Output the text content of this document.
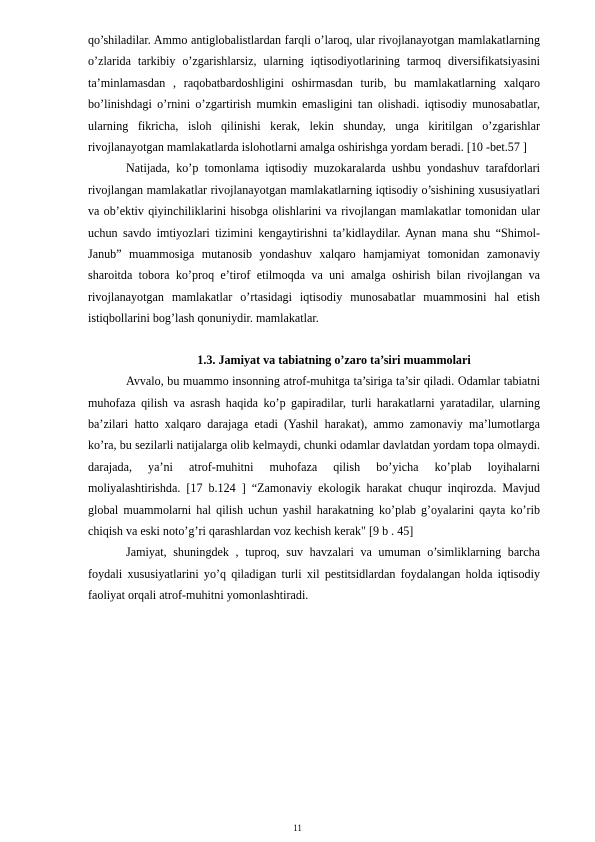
qo’shiladilar. Ammo antiglobalistlardan farqli o’laroq, ular rivojlanayotgan mamlakatlarning o’zlarida tarkibiy o’zgarishlarsiz, ularning iqtisodiyotlarining tarmoq diversifikatsiyasini ta’minlamasdan , raqobatbardoshligini oshirmasdan turib, bu mamlakatlarning xalqaro bo’linishdagi o’rnini o’zgartirish mumkin emasligini tan olishadi. iqtisodiy munosabatlar, ularning fikricha, isloh qilinishi kerak, lekin shunday, unga kiritilgan o’zgarishlar rivojlanayotgan mamlakatlarda islohotlarni amalga oshirishga yordam beradi. [10 -bet.57 ]

Natijada, ko’p tomonlama iqtisodiy muzokaralarda ushbu yondashuv tarafdorlari rivojlangan mamlakatlar rivojlanayotgan mamlakatlarning iqtisodiy o’sishining xususiyatlari va ob’ektiv qiyinchiliklarini hisobga olishlarini va rivojlangan mamlakatlar tomonidan ular uchun savdo imtiyozlari tizimini kengaytirishni ta’kidlaydilar. Aynan mana shu “Shimol-Janub” muammosiga mutanosib yondashuv xalqaro hamjamiyat tomonidan zamonaviy sharoitda tobora ko’proq e’tirof etilmoqda va uni amalga oshirish bilan rivojlangan va rivojlanayotgan mamlakatlar o’rtasidagi iqtisodiy munosabatlar muammosini hal etish istiqbollarini bog’lash qonuniydir. mamlakatlar.

1.3. Jamiyat va tabiatning o’zaro ta’siri muammolari

Avvalo, bu muammo insonning atrof-muhitga ta’siriga ta’sir qiladi. Odamlar tabiatni muhofaza qilish va asrash haqida ko’p gapiradilar, turli harakatlarni yaratadilar, ularning ba’zilari hatto xalqaro darajaga etadi (Yashil harakat), ammo zamonaviy ma’lumotlarga ko’ra, bu sezilarli natijalarga olib kelmaydi, chunki odamlar davlatdan yordam topa olmaydi. darajada, ya’ni atrof-muhitni muhofaza qilish bo’yicha ko’plab loyihalarni moliyalashtirishda. [17 b.124 ] “Zamonaviy ekologik harakat chuqur inqirozda. Mavjud global muammolarni hal qilish uchun yashil harakatning ko’plab g’oyalarini qayta ko’rib chiqish va eski noto’g’ri qarashlardan voz kechish kerak" [9 b . 45]

Jamiyat, shuningdek , tuproq, suv havzalari va umuman o’simliklarning barcha foydali xususiyatlarini yo’q qiladigan turli xil pestitsidlardan foydalangan holda iqtisodiy faoliyat orqali atrof-muhitni yomonlashtiradi.

11
